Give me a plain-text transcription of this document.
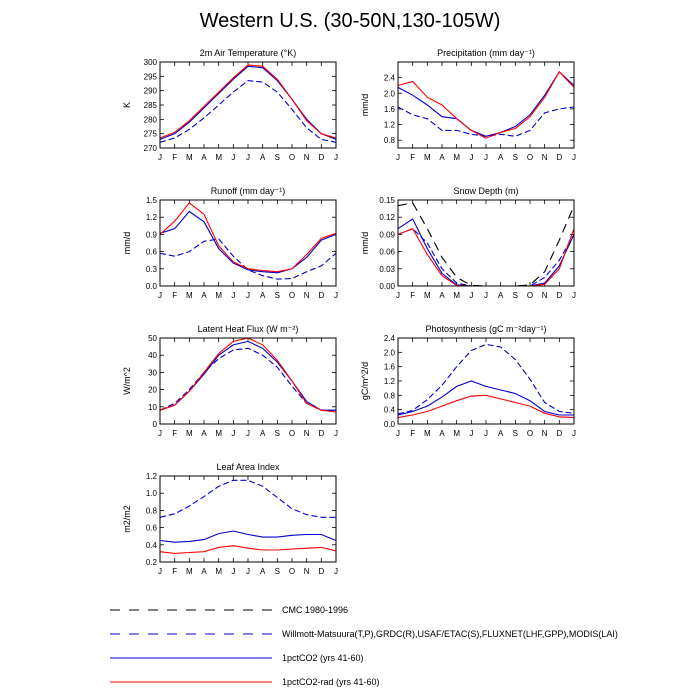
Western U.S. (30-50N,130-105W)
2m Air Temperature (°K)
K
270
275
280
285
290
295
300
J F M A M J J A S O N D J
Precipitation (mm day⁻¹)
mm/d
0.8
1.2
1.6
2.0
2.4
J F M A M J J A S O N D J
Runoff (mm day⁻¹)
mm/d
0.0
0.3
0.6
0.9
1.2
1.5
J F M A M J J A S O N D J
Snow Depth (m)
mm/d
0.00
0.03
0.06
0.09
0.12
0.15
J F M A M J J A S O N D J
Latent Heat Flux (W m⁻²)
W/m^2
0
10
20
30
40
50
J F M A M J J A S O N D J
Photosynthesis (gC m⁻²day⁻¹)
gC/m^2/d
0.0
0.4
0.8
1.2
1.6
2.0
2.4
J F M A M J J A S O N D J
Leaf Area Index
m2/m2
0.2
0.4
0.6
0.8
1.0
1.2
J F M A M J J A S O N D J
CMC 1980-1996
Willmott-Matsuura(T,P),GRDC(R),USAF/ETAC(S),FLUXNET(LHF,GPP),MODIS(LAI)
1pctCO2 (yrs 41-60)
1pctCO2-rad (yrs 41-60)
